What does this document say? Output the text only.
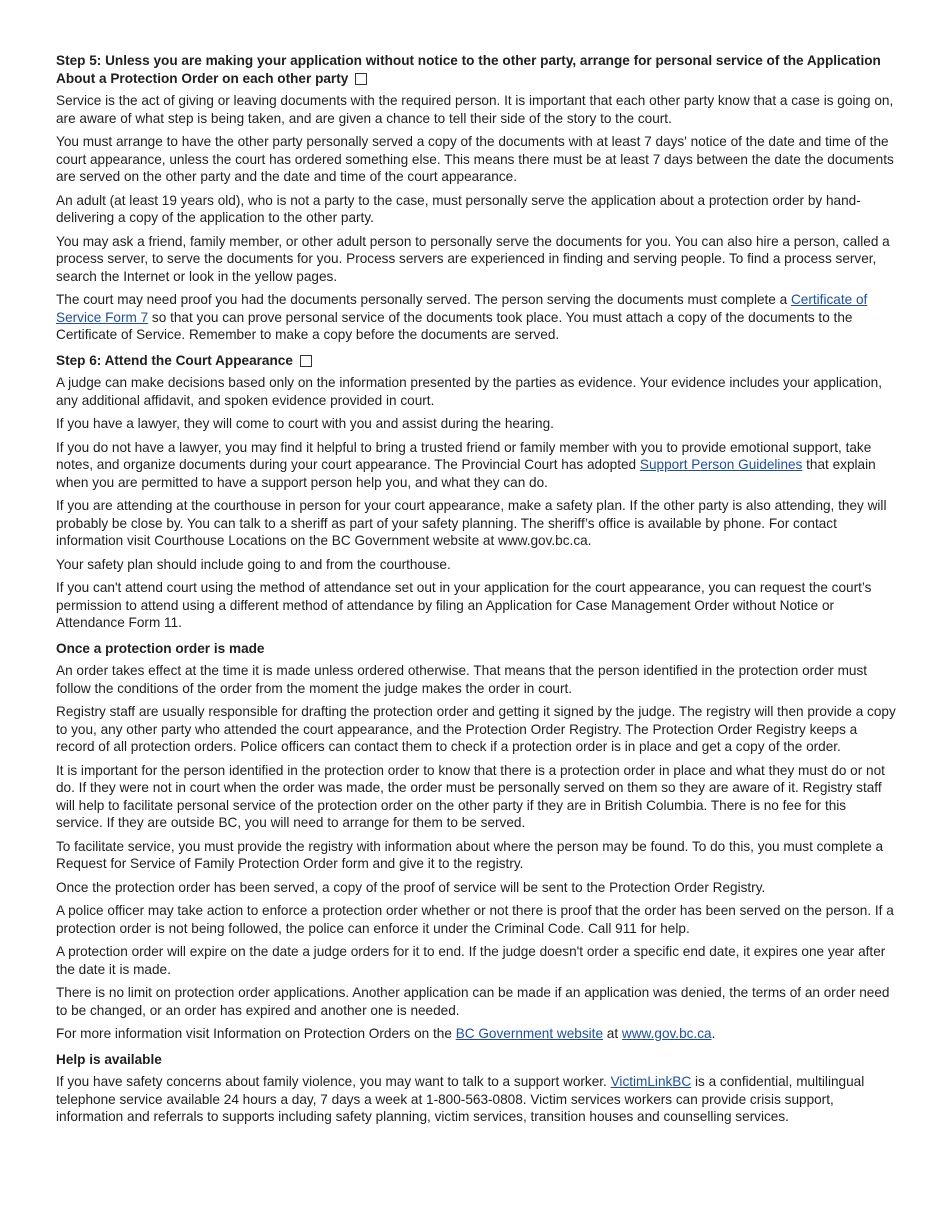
Step 5: Unless you are making your application without notice to the other party, arrange for personal service of the Application About a Protection Order on each other party

Service is the act of giving or leaving documents with the required person. It is important that each other party know that a case is going on, are aware of what step is being taken, and are given a chance to tell their side of the story to the court.

You must arrange to have the other party personally served a copy of the documents with at least 7 days' notice of the date and time of the court appearance, unless the court has ordered something else. This means there must be at least 7 days between the date the documents are served on the other party and the date and time of the court appearance.

An adult (at least 19 years old), who is not a party to the case, must personally serve the application about a protection order by hand-delivering a copy of the application to the other party.

You may ask a friend, family member, or other adult person to personally serve the documents for you. You can also hire a person, called a process server, to serve the documents for you. Process servers are experienced in finding and serving people. To find a process server, search the Internet or look in the yellow pages.

The court may need proof you had the documents personally served. The person serving the documents must complete a Certificate of Service Form 7 so that you can prove personal service of the documents took place. You must attach a copy of the documents to the Certificate of Service. Remember to make a copy before the documents are served.

Step 6: Attend the Court Appearance

A judge can make decisions based only on the information presented by the parties as evidence. Your evidence includes your application, any additional affidavit, and spoken evidence provided in court.

If you have a lawyer, they will come to court with you and assist during the hearing.

If you do not have a lawyer, you may find it helpful to bring a trusted friend or family member with you to provide emotional support, take notes, and organize documents during your court appearance. The Provincial Court has adopted Support Person Guidelines that explain when you are permitted to have a support person help you, and what they can do.

If you are attending at the courthouse in person for your court appearance, make a safety plan. If the other party is also attending, they will probably be close by. You can talk to a sheriff as part of your safety planning. The sheriff’s office is available by phone. For contact information visit Courthouse Locations on the BC Government website at www.gov.bc.ca.

Your safety plan should include going to and from the courthouse.

If you can't attend court using the method of attendance set out in your application for the court appearance, you can request the court’s permission to attend using a different method of attendance by filing an Application for Case Management Order without Notice or Attendance Form 11.

Once a protection order is made

An order takes effect at the time it is made unless ordered otherwise. That means that the person identified in the protection order must follow the conditions of the order from the moment the judge makes the order in court.

Registry staff are usually responsible for drafting the protection order and getting it signed by the judge. The registry will then provide a copy to you, any other party who attended the court appearance, and the Protection Order Registry. The Protection Order Registry keeps a record of all protection orders. Police officers can contact them to check if a protection order is in place and get a copy of the order.

It is important for the person identified in the protection order to know that there is a protection order in place and what they must do or not do. If they were not in court when the order was made, the order must be personally served on them so they are aware of it. Registry staff will help to facilitate personal service of the protection order on the other party if they are in British Columbia. There is no fee for this service. If they are outside BC, you will need to arrange for them to be served.

To facilitate service, you must provide the registry with information about where the person may be found. To do this, you must complete a Request for Service of Family Protection Order form and give it to the registry.

Once the protection order has been served, a copy of the proof of service will be sent to the Protection Order Registry.

A police officer may take action to enforce a protection order whether or not there is proof that the order has been served on the person. If a protection order is not being followed, the police can enforce it under the Criminal Code. Call 911 for help.

A protection order will expire on the date a judge orders for it to end. If the judge doesn't order a specific end date, it expires one year after the date it is made.

There is no limit on protection order applications. Another application can be made if an application was denied, the terms of an order need to be changed, or an order has expired and another one is needed.

For more information visit Information on Protection Orders on the BC Government website at www.gov.bc.ca.

Help is available

If you have safety concerns about family violence, you may want to talk to a support worker. VictimLinkBC is a confidential, multilingual telephone service available 24 hours a day, 7 days a week at 1-800-563-0808. Victim services workers can provide crisis support, information and referrals to supports including safety planning, victim services, transition houses and counselling services.
